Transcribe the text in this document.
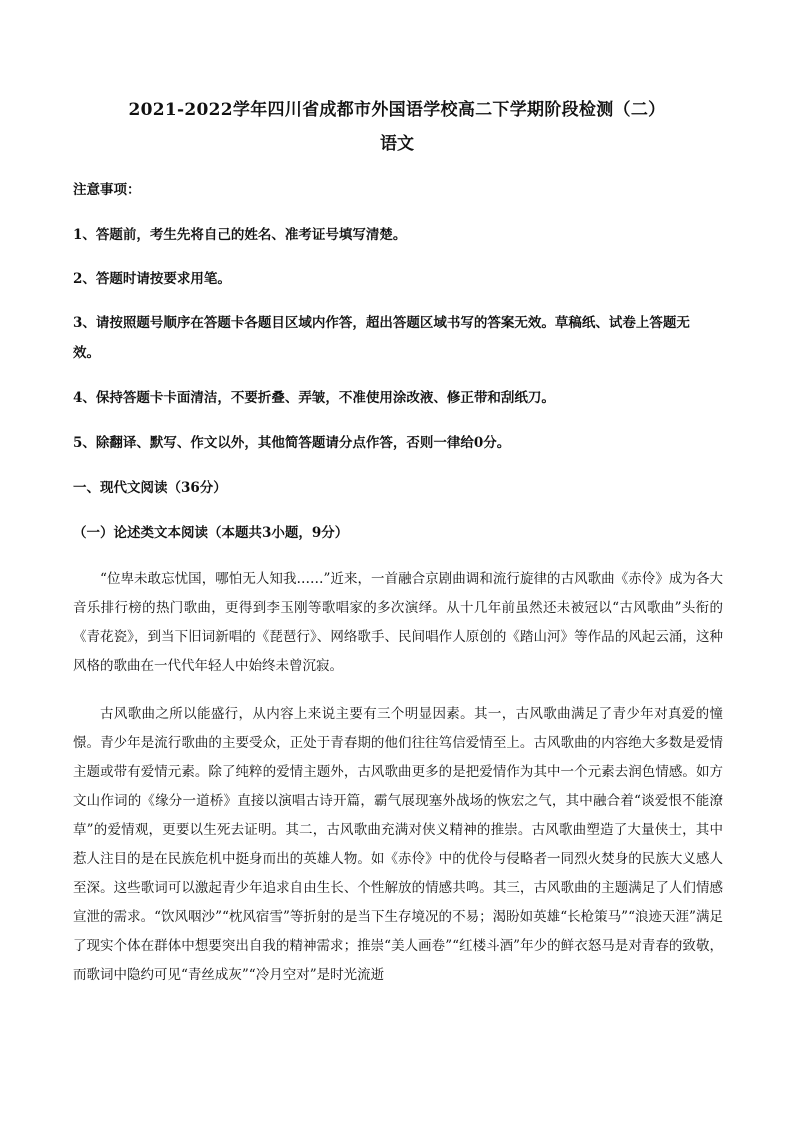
2021-2022学年四川省成都市外国语学校高二下学期阶段检测（二）
语文
注意事项：
1、答题前，考生先将自己的姓名、准考证号填写清楚。
2、答题时请按要求用笔。
3、请按照题号顺序在答题卡各题目区域内作答，超出答题区域书写的答案无效。草稿纸、试卷上答题无
效。
4、保持答题卡卡面清洁，不要折叠、弄皱，不准使用涂改液、修正带和刮纸刀。
5、除翻译、默写、作文以外，其他简答题请分点作答，否则一律给0分。
一、现代文阅读（36分）
（一）论述类文本阅读（本题共3小题，9分）

“位卑未敢忘忧国，哪怕无人知我……”近来，一首融合京剧曲调和流行旋律的古风歌曲《赤伶》成为各大音乐排行榜的热门歌曲，更得到李玉刚等歌唱家的多次演绎。从十几年前虽然还未被冠以“古风歌曲”头衔的《青花瓷》，到当下旧词新唱的《琵琶行》、网络歌手、民间唱作人原创的《踏山河》等作品的风起云涌，这种风格的歌曲在一代代年轻人中始终未曾沉寂。

古风歌曲之所以能盛行，从内容上来说主要有三个明显因素。其一，古风歌曲满足了青少年对真爱的憧憬。青少年是流行歌曲的主要受众，正处于青春期的他们往往笃信爱情至上。古风歌曲的内容绝大多数是爱情主题或带有爱情元素。除了纯粹的爱情主题外，古风歌曲更多的是把爱情作为其中一个元素去润色情感。如方文山作词的《缘分一道桥》直接以演唱古诗开篇，霸气展现塞外战场的恢宏之气，其中融合着“谈爱恨不能潦草”的爱情观，更要以生死去证明。其二，古风歌曲充满对侠义精神的推崇。古风歌曲塑造了大量侠士，其中惹人注目的是在民族危机中挺身而出的英雄人物。如《赤伶》中的优伶与侵略者一同烈火焚身的民族大义感人至深。这些歌词可以激起青少年追求自由生长、个性解放的情感共鸣。其三，古风歌曲的主题满足了人们情感宣泄的需求。“饮风咽沙”“枕风宿雪”等折射的是当下生存境况的不易；渴盼如英雄“长枪策马”“浪迹天涯”满足了现实个体在群体中想要突出自我的精神需求；推崇“美人画卷”“红楼斗酒”年少的鲜衣怒马是对青春的致敬，而歌词中隐约可见“青丝成灰”“冷月空对”是时光流逝
